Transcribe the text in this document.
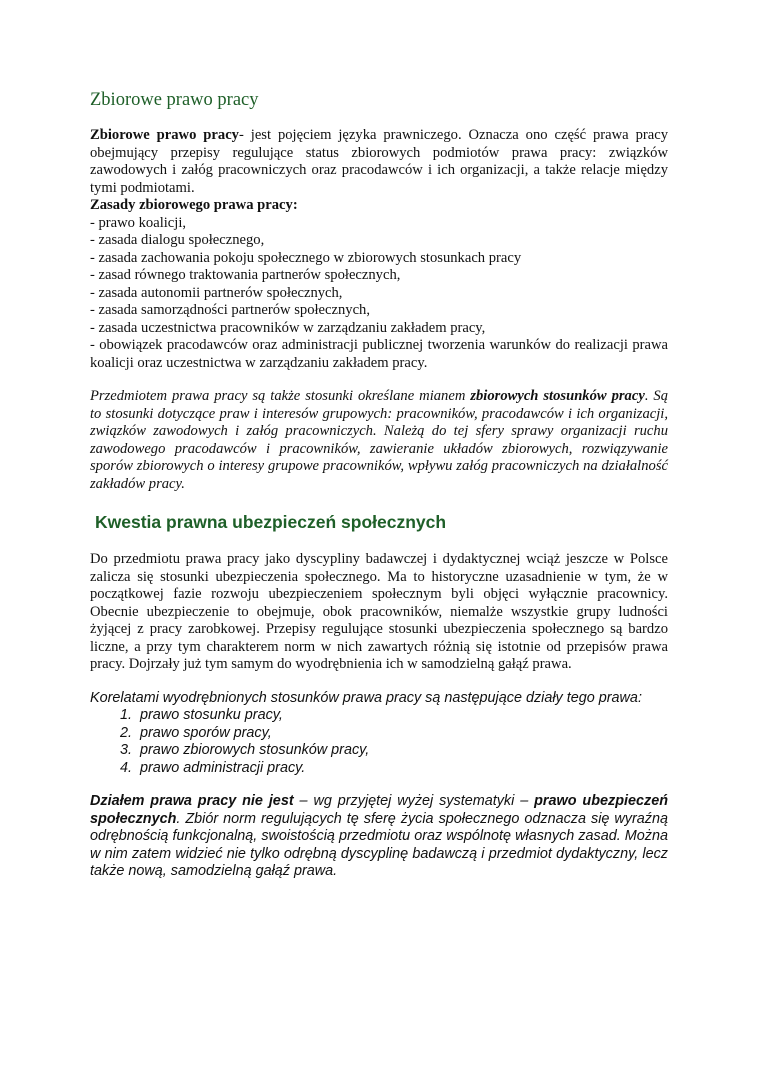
Zbiorowe prawo pracy

Zbiorowe prawo pracy- jest pojęciem języka prawniczego. Oznacza ono część prawa pracy obejmujący przepisy regulujące status zbiorowych podmiotów prawa pracy: związków zawodowych i załóg pracowniczych oraz pracodawców i ich organizacji, a także relacje między tymi podmiotami.

Zasady zbiorowego prawa pracy:

- prawo koalicji,

- zasada dialogu społecznego,

- zasada zachowania pokoju społecznego w zbiorowych stosunkach pracy

- zasad równego traktowania partnerów społecznych,

- zasada autonomii partnerów społecznych,

- zasada samorządności partnerów społecznych,

- zasada uczestnictwa pracowników w zarządzaniu zakładem pracy,

- obowiązek pracodawców oraz administracji publicznej tworzenia warunków do realizacji prawa koalicji oraz uczestnictwa w zarządzaniu zakładem pracy.

Przedmiotem prawa pracy są także stosunki określane mianem zbiorowych stosunków pracy. Są to stosunki dotyczące praw i interesów grupowych: pracowników, pracodawców i ich organizacji, związków zawodowych i załóg pracowniczych. Należą do tej sfery sprawy organizacji ruchu zawodowego pracodawców i pracowników, zawieranie układów zbiorowych, rozwiązywanie sporów zbiorowych o interesy grupowe pracowników, wpływu załóg pracowniczych na działalność zakładów pracy.

Kwestia prawna ubezpieczeń społecznych

Do przedmiotu prawa pracy jako dyscypliny badawczej i dydaktycznej wciąż jeszcze w Polsce zalicza się stosunki ubezpieczenia społecznego. Ma to historyczne uzasadnienie w tym, że w początkowej fazie rozwoju ubezpieczeniem społecznym byli objęci wyłącznie pracownicy. Obecnie ubezpieczenie to obejmuje, obok pracowników, niemalże wszystkie grupy ludności żyjącej z pracy zarobkowej. Przepisy regulujące stosunki ubezpieczenia społecznego są bardzo liczne, a przy tym charakterem norm w nich zawartych różnią się istotnie od przepisów prawa pracy. Dojrzały już tym samym do wyodrębnienia ich w samodzielną gałąź prawa.

Korelatami wyodrębnionych stosunków prawa pracy są następujące działy tego prawa:

1. prawo stosunku pracy,
2. prawo sporów pracy,
3. prawo zbiorowych stosunków pracy,
4. prawo administracji pracy.

Działem prawa pracy nie jest – wg przyjętej wyżej systematyki – prawo ubezpieczeń społecznych. Zbiór norm regulujących tę sferę życia społecznego odznacza się wyraźną odrębnością funkcjonalną, swoistością przedmiotu oraz wspólnotę własnych zasad. Można w nim zatem widzieć nie tylko odrębną dyscyplinę badawczą i przedmiot dydaktyczny, lecz także nową, samodzielną gałąź prawa.
